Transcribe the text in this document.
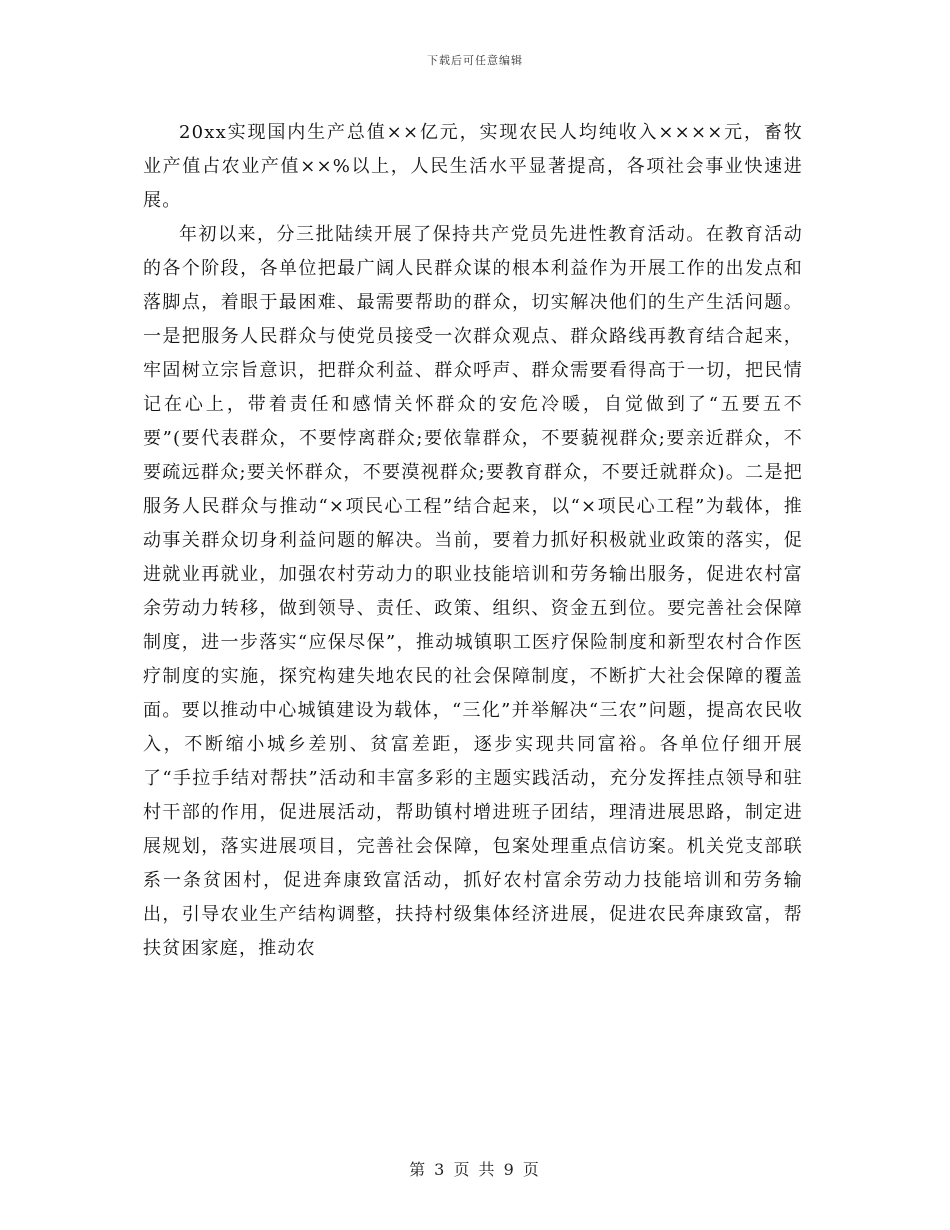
下载后可任意编辑

20xx实现国内生产总值××亿元，实现农民人均纯收入××××元，畜牧业产值占农业产值××%以上，人民生活水平显著提高，各项社会事业快速进展。

年初以来，分三批陆续开展了保持共产党员先进性教育活动。在教育活动的各个阶段，各单位把最广阔人民群众谋的根本利益作为开展工作的出发点和落脚点，着眼于最困难、最需要帮助的群众，切实解决他们的生产生活问题。一是把服务人民群众与使党员接受一次群众观点、群众路线再教育结合起来，牢固树立宗旨意识，把群众利益、群众呼声、群众需要看得高于一切，把民情记在心上，带着责任和感情关怀群众的安危冷暖，自觉做到了“五要五不要”(要代表群众，不要悖离群众;要依靠群众，不要藐视群众;要亲近群众，不要疏远群众;要关怀群众，不要漠视群众;要教育群众，不要迁就群众)。二是把服务人民群众与推动“×项民心工程”结合起来，以“×项民心工程”为载体，推动事关群众切身利益问题的解决。当前，要着力抓好积极就业政策的落实，促进就业再就业，加强农村劳动力的职业技能培训和劳务输出服务，促进农村富余劳动力转移，做到领导、责任、政策、组织、资金五到位。要完善社会保障制度，进一步落实“应保尽保”，推动城镇职工医疗保险制度和新型农村合作医疗制度的实施，探究构建失地农民的社会保障制度，不断扩大社会保障的覆盖面。要以推动中心城镇建设为载体，“三化”并举解决“三农”问题，提高农民收入，不断缩小城乡差别、贫富差距，逐步实现共同富裕。各单位仔细开展了“手拉手结对帮扶”活动和丰富多彩的主题实践活动，充分发挥挂点领导和驻村干部的作用，促进展活动，帮助镇村增进班子团结，理清进展思路，制定进展规划，落实进展项目，完善社会保障，包案处理重点信访案。机关党支部联系一条贫困村，促进奔康致富活动，抓好农村富余劳动力技能培训和劳务输出，引导农业生产结构调整，扶持村级集体经济进展，促进农民奔康致富，帮扶贫困家庭，推动农

第 3 页 共 9 页
